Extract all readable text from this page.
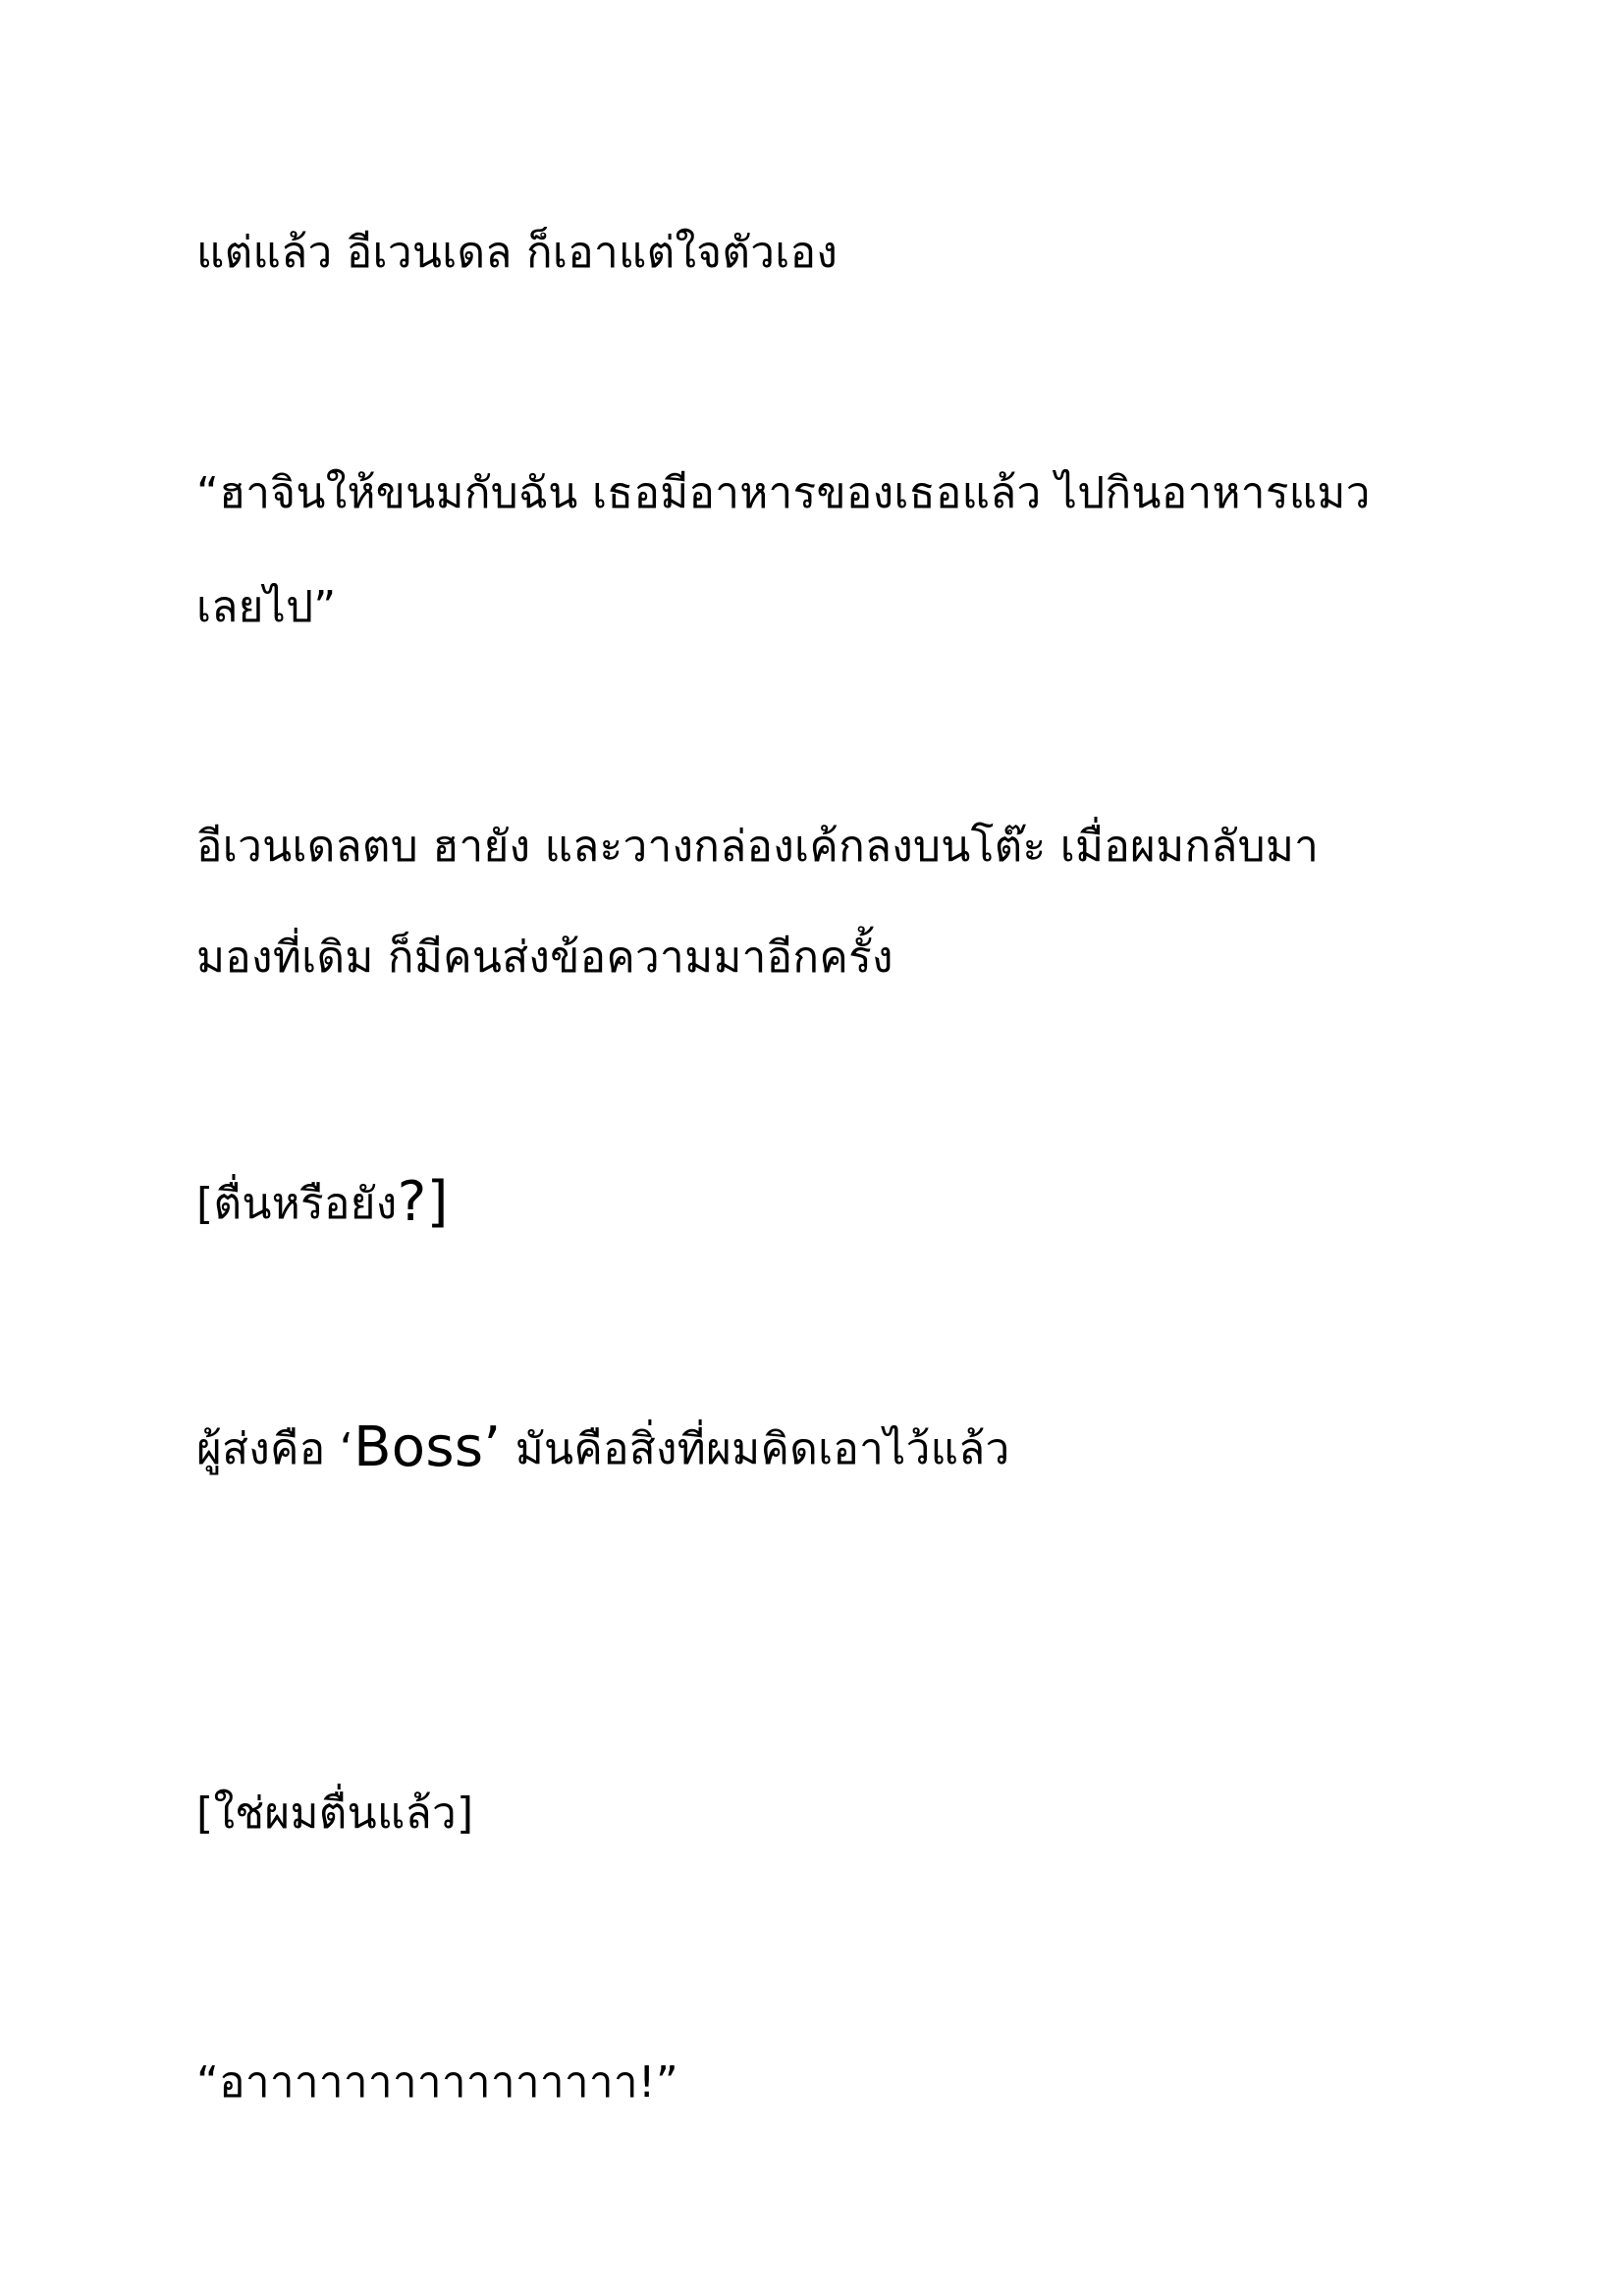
แต่แล้ว อีเวนเดล ก็เอาแต่ใจตัวเอง
“ฮาจินให้ขนมกับฉัน เธอมีอาหารของเธอแล้ว ไปกินอาหารแมว
เลยไป”
อีเวนเดลตบ ฮายัง และวางกล่องเค้กลงบนโต๊ะ เมื่อผมกลับมา
มองที่เดิม ก็มีคนส่งข้อความมาอีกครั้ง
[ตื่นหรือยัง?]
ผู้ส่งคือ ‘Boss’ มันคือสิ่งที่ผมคิดเอาไว้แล้ว
[ใช่ผมตื่นแล้ว]
“อาาาาาาาาาาาาาาาา!”
